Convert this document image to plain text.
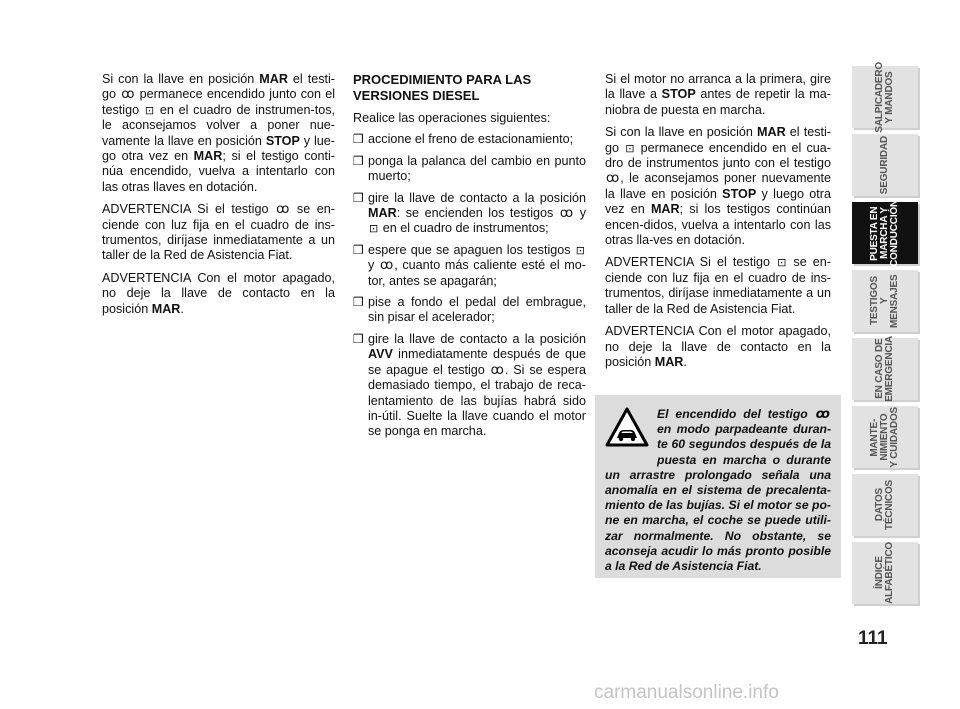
Si con la llave en posición MAR el testi-go ꝏ permanece encendido junto con el testigo ⊡ en el cuadro de instrumen-tos, le aconsejamos volver a poner nue-vamente la llave en posición STOP y lue-go otra vez en MAR; si el testigo conti-núa encendido, vuelva a intentarlo con las otras llaves en dotación.

ADVERTENCIA Si el testigo ꝏ se en-ciende con luz fija en el cuadro de ins-trumentos, diríjase inmediatamente a un taller de la Red de Asistencia Fiat.

ADVERTENCIA Con el motor apagado, no deje la llave de contacto en la posición MAR.

PROCEDIMIENTO PARA LAS VERSIONES DIESEL

Realice las operaciones siguientes:

❒ accione el freno de estacionamiento;
❒ ponga la palanca del cambio en punto muerto;
❒ gire la llave de contacto a la posición MAR: se encienden los testigos ꝏ y ⊡ en el cuadro de instrumentos;
❒ espere que se apaguen los testigos ⊡ y ꝏ, cuanto más caliente esté el mo-tor, antes se apagarán;
❒ pise a fondo el pedal del embrague, sin pisar el acelerador;
❒ gire la llave de contacto a la posición AVV inmediatamente después de que se apague el testigo ꝏ. Si se espera demasiado tiempo, el trabajo de reca-lentamiento de las bujías habrá sido in-útil. Suelte la llave cuando el motor se ponga en marcha.

Si el motor no arranca a la primera, gire la llave a STOP antes de repetir la ma-niobra de puesta en marcha.

Si con la llave en posición MAR el testi-go ⊡ permanece encendido en el cua-dro de instrumentos junto con el testigo ꝏ, le aconsejamos poner nuevamente la llave en posición STOP y luego otra vez en MAR; si los testigos continúan encen-didos, vuelva a intentarlo con las otras lla-ves en dotación.

ADVERTENCIA Si el testigo ⊡ se en-ciende con luz fija en el cuadro de ins-trumentos, diríjase inmediatamente a un taller de la Red de Asistencia Fiat.

ADVERTENCIA Con el motor apagado, no deje la llave de contacto en la posición MAR.

El encendido del testigo ꝏ en modo parpadeante duran-te 60 segundos después de la puesta en marcha o durante un arrastre prolongado señala una anomalía en el sistema de precalenta-miento de las bujías. Si el motor se po-ne en marcha, el coche se puede utili-zar normalmente. No obstante, se aconseja acudir lo más pronto posible a la Red de Asistencia Fiat.
SALPICADERO
Y MANDOS
SEGURIDAD
PUESTA EN
MARCHA Y
CONDUCCIÓN
TESTIGOS
Y MENSAJES
EN CASO DE
EMERGENCIA
MANTE-
NIMIENTO
Y CUIDADOS
DATOS
TÉCNICOS
ÍNDICE
ALFABÉTICO
111
carmanualsonline.info
